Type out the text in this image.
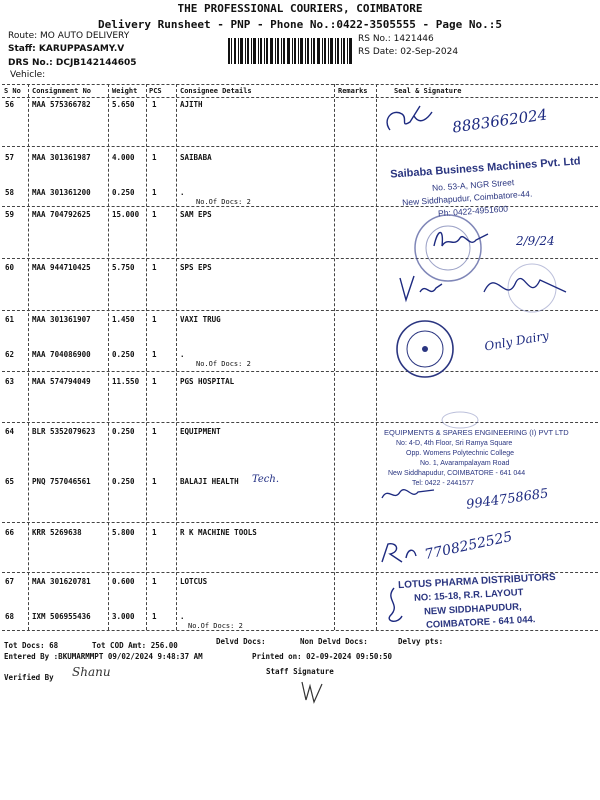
THE PROFESSIONAL COURIERS, COIMBATORE
Delivery Runsheet - PNP - Phone No.:0422-3505555 - Page No.:5
Route: MO AUTO DELIVERY
Staff: KARUPPASAMY.V
DRS No.: DCJB142144605
Vehicle:
RS No.: 1421446
RS Date: 02-Sep-2024
S No Consignment No	Weight PCS	Consignee Details	Remarks	Seal & Signature
56 MAA 575366782	5.650 1	AJITH
57 MAA 301361987	4.000 1	SAIBABA
58 MAA 301361200	0.250 1	.
No.Of Docs: 2
59 MAA 704792625	15.000 1	SAM EPS
60 MAA 944710425	5.750 1	SPS EPS
61 MAA 301361907	1.450 1	VAXI TRUG
62 MAA 704086900	0.250 1	.
No.Of Docs: 2
63 MAA 574794049	11.550 1	PGS HOSPITAL
64 BLR 5352079623 0.250 1	EQUIPMENT
65 PNQ 757046561	0.250 1	BALAJI HEALTH
66 KRR 5269638	5.800 1	R K MACHINE TOOLS
67 MAA 301620781	0.600 1	LOTCUS
68 IXM 506955436	3.000 1	.
No.Of Docs: 2
Tot Docs: 68	Tot COD Amt: 256.00	Delvd Docs:	Non Delvd Docs:	Delvy pts:
Entered By :BKUMARMMPT 09/02/2024 9:48:37 AM	Printed on: 02-09-2024 09:50:50
Verified By
Staff Signature
8883662024
Saibaba Business Machines Pvt. Ltd
No. 53-A, NGR Street
New Siddhapudur, Coimbatore-44.
Ph: 0422-4951600
2/9/24
Only Dairy
EQUIPMENTS & SPARES ENGINEERING (I) PVT LTD
No: 4-D, 4th Floor, Sri Ramya Square
Opp. Womens Polytechnic College
No. 1, Avarampalayam Road
New Siddhapudur, COIMBATORE - 641 044
Tel: 0422 - 2441577
Tech.
9944758685
7708252525
LOTUS PHARMA DISTRIBUTORS
NO: 15-18, R.R. LAYOUT
NEW SIDDHAPUDUR,
COIMBATORE - 641 044.
Shanu
